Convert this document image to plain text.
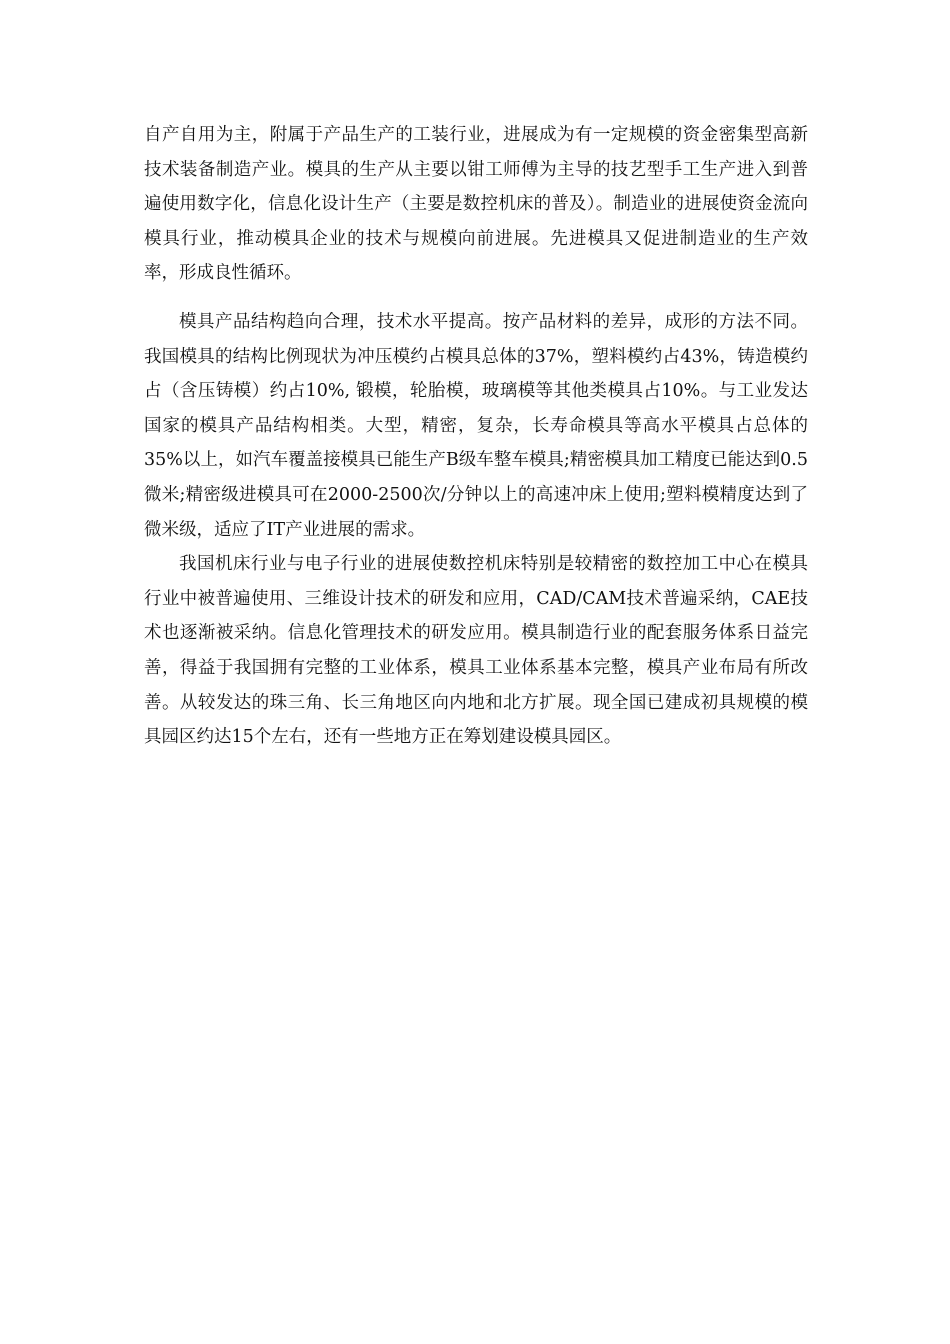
自产自用为主，附属于产品生产的工装行业，进展成为有一定规模的资金密集型高新技术装备制造产业。模具的生产从主要以钳工师傅为主导的技艺型手工生产进入到普遍使用数字化，信息化设计生产（主要是数控机床的普及）。制造业的进展使资金流向模具行业，推动模具企业的技术与规模向前进展。先进模具又促进制造业的生产效率，形成良性循环。

模具产品结构趋向合理，技术水平提高。按产品材料的差异，成形的方法不同。我国模具的结构比例现状为冲压模约占模具总体的37%，塑料模约占43%，铸造模约占（含压铸模）约占10%, 锻模，轮胎模，玻璃模等其他类模具占10%。与工业发达国家的模具产品结构相类。大型，精密，复杂，长寿命模具等高水平模具占总体的35%以上，如汽车覆盖接模具已能生产B级车整车模具;精密模具加工精度已能达到0.5微米;精密级进模具可在2000-2500次/分钟以上的高速冲床上使用;塑料模精度达到了微米级，适应了IT产业进展的需求。

我国机床行业与电子行业的进展使数控机床特别是较精密的数控加工中心在模具行业中被普遍使用、三维设计技术的研发和应用，CAD/CAM技术普遍采纳，CAE技术也逐渐被采纳。信息化管理技术的研发应用。模具制造行业的配套服务体系日益完善，得益于我国拥有完整的工业体系，模具工业体系基本完整，模具产业布局有所改善。从较发达的珠三角、长三角地区向内地和北方扩展。现全国已建成初具规模的模具园区约达15个左右，还有一些地方正在筹划建设模具园区。
